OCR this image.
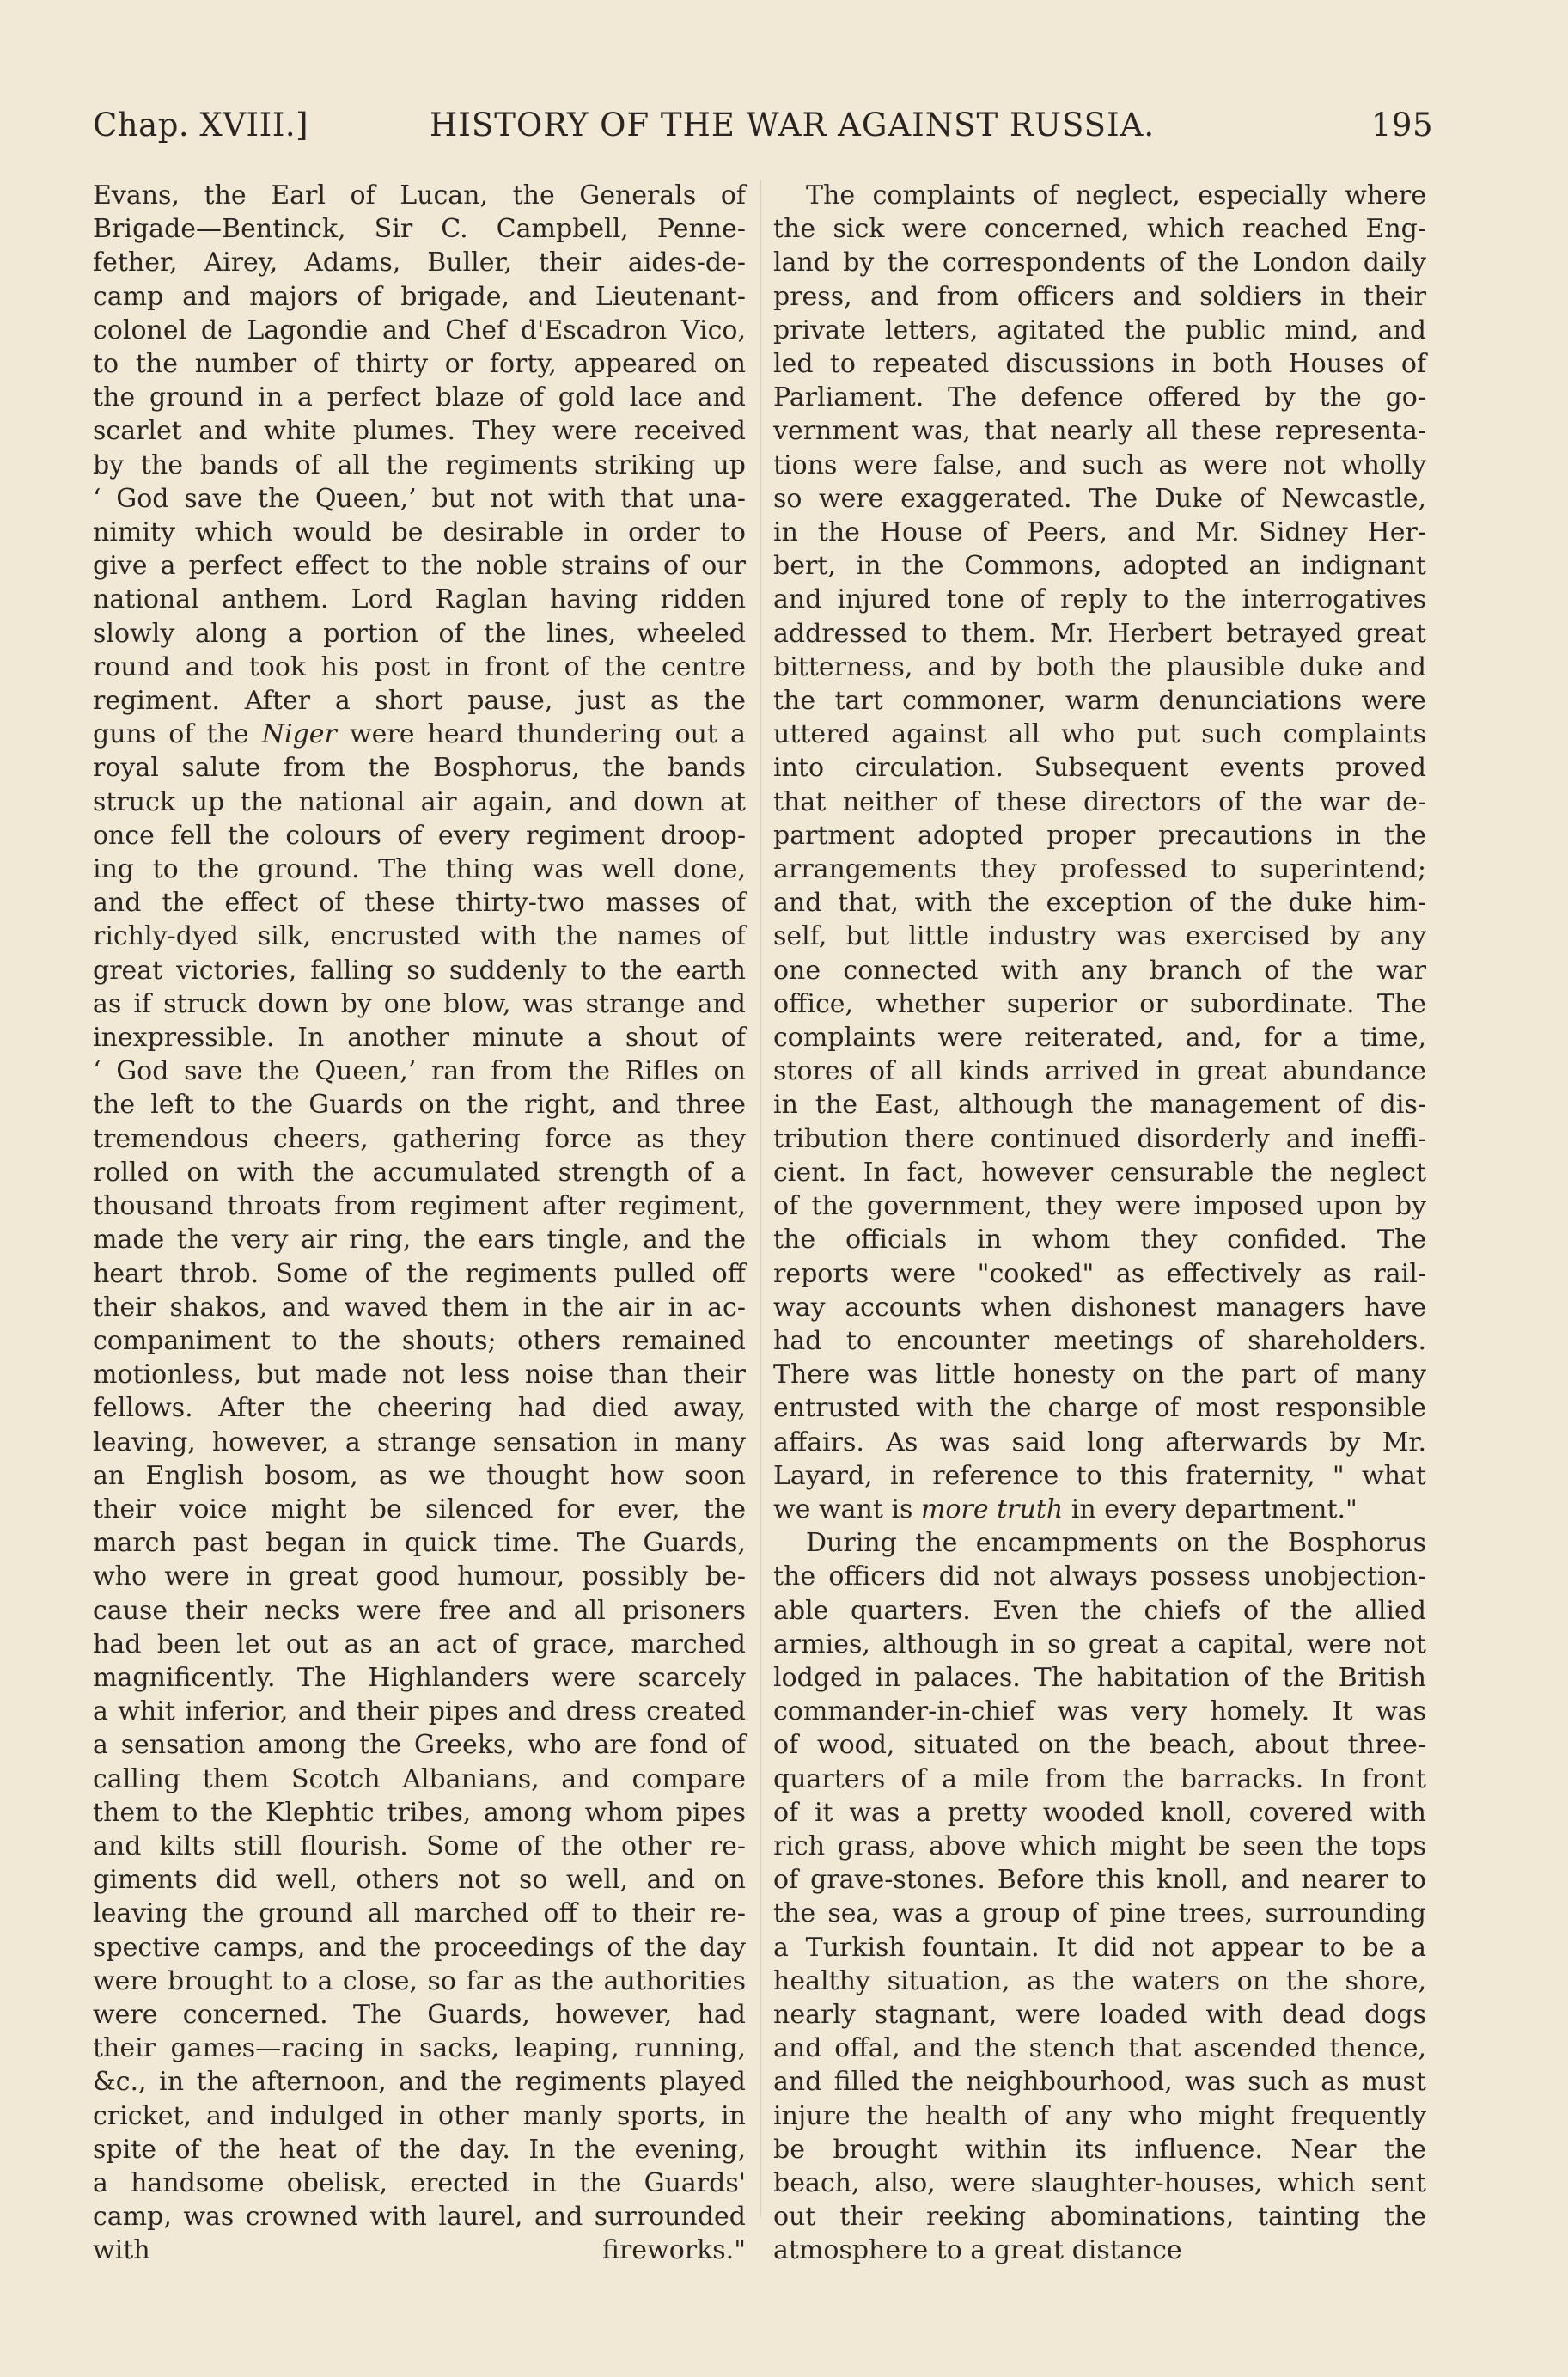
Chap. XVIII.]	HISTORY OF THE WAR AGAINST RUSSIA.	195
Evans, the Earl of Lucan, the Generals of
Brigade—Bentinck, Sir C. Campbell, Penne-
fether, Airey, Adams, Buller, their aides-de-
camp and majors of brigade, and Lieutenant-
colonel de Lagondie and Chef d'Escadron Vico,
to the number of thirty or forty, appeared on
the ground in a perfect blaze of gold lace and
scarlet and white plumes. They were received
by the bands of all the regiments striking up
‘ God save the Queen,’ but not with that una-
nimity which would be desirable in order to
give a perfect effect to the noble strains of our
national anthem. Lord Raglan having ridden
slowly along a portion of the lines, wheeled
round and took his post in front of the centre
regiment. After a short pause, just as the
guns of the Niger were heard thundering out a
royal salute from the Bosphorus, the bands
struck up the national air again, and down at
once fell the colours of every regiment droop-
ing to the ground. The thing was well done,
and the effect of these thirty-two masses of
richly-dyed silk, encrusted with the names of
great victories, falling so suddenly to the earth
as if struck down by one blow, was strange and
inexpressible. In another minute a shout of
‘ God save the Queen,’ ran from the Rifles on
the left to the Guards on the right, and three
tremendous cheers, gathering force as they
rolled on with the accumulated strength of a
thousand throats from regiment after regiment,
made the very air ring, the ears tingle, and the
heart throb. Some of the regiments pulled off
their shakos, and waved them in the air in ac-
companiment to the shouts; others remained
motionless, but made not less noise than their
fellows. After the cheering had died away,
leaving, however, a strange sensation in many
an English bosom, as we thought how soon
their voice might be silenced for ever, the
march past began in quick time. The Guards,
who were in great good humour, possibly be-
cause their necks were free and all prisoners
had been let out as an act of grace, marched
magnificently. The Highlanders were scarcely
a whit inferior, and their pipes and dress created
a sensation among the Greeks, who are fond of
calling them Scotch Albanians, and compare
them to the Klephtic tribes, among whom pipes
and kilts still flourish. Some of the other re-
giments did well, others not so well, and on
leaving the ground all marched off to their re-
spective camps, and the proceedings of the day
were brought to a close, so far as the authorities
were concerned. The Guards, however, had
their games—racing in sacks, leaping, running,
&c., in the afternoon, and the regiments played
cricket, and indulged in other manly sports, in
spite of the heat of the day. In the evening,
a handsome obelisk, erected in the Guards'
camp, was crowned with laurel, and surrounded
with fireworks."
The complaints of neglect, especially where
the sick were concerned, which reached Eng-
land by the correspondents of the London daily
press, and from officers and soldiers in their
private letters, agitated the public mind, and
led to repeated discussions in both Houses of
Parliament. The defence offered by the go-
vernment was, that nearly all these representa-
tions were false, and such as were not wholly
so were exaggerated. The Duke of Newcastle,
in the House of Peers, and Mr. Sidney Her-
bert, in the Commons, adopted an indignant
and injured tone of reply to the interrogatives
addressed to them. Mr. Herbert betrayed great
bitterness, and by both the plausible duke and
the tart commoner, warm denunciations were
uttered against all who put such complaints
into circulation. Subsequent events proved
that neither of these directors of the war de-
partment adopted proper precautions in the
arrangements they professed to superintend;
and that, with the exception of the duke him-
self, but little industry was exercised by any
one connected with any branch of the war
office, whether superior or subordinate. The
complaints were reiterated, and, for a time,
stores of all kinds arrived in great abundance
in the East, although the management of dis-
tribution there continued disorderly and ineffi-
cient. In fact, however censurable the neglect
of the government, they were imposed upon by
the officials in whom they confided. The
reports were "cooked" as effectively as rail-
way accounts when dishonest managers have
had to encounter meetings of shareholders.
There was little honesty on the part of many
entrusted with the charge of most responsible
affairs. As was said long afterwards by Mr.
Layard, in reference to this fraternity, " what
we want is more truth in every department."
During the encampments on the Bosphorus
the officers did not always possess unobjection-
able quarters. Even the chiefs of the allied
armies, although in so great a capital, were not
lodged in palaces. The habitation of the British
commander-in-chief was very homely. It was
of wood, situated on the beach, about three-
quarters of a mile from the barracks. In front
of it was a pretty wooded knoll, covered with
rich grass, above which might be seen the tops
of grave-stones. Before this knoll, and nearer to
the sea, was a group of pine trees, surrounding
a Turkish fountain. It did not appear to be a
healthy situation, as the waters on the shore,
nearly stagnant, were loaded with dead dogs
and offal, and the stench that ascended thence,
and filled the neighbourhood, was such as must
injure the health of any who might frequently
be brought within its influence. Near the
beach, also, were slaughter-houses, which sent
out their reeking abominations, tainting the
atmosphere to a great distance
